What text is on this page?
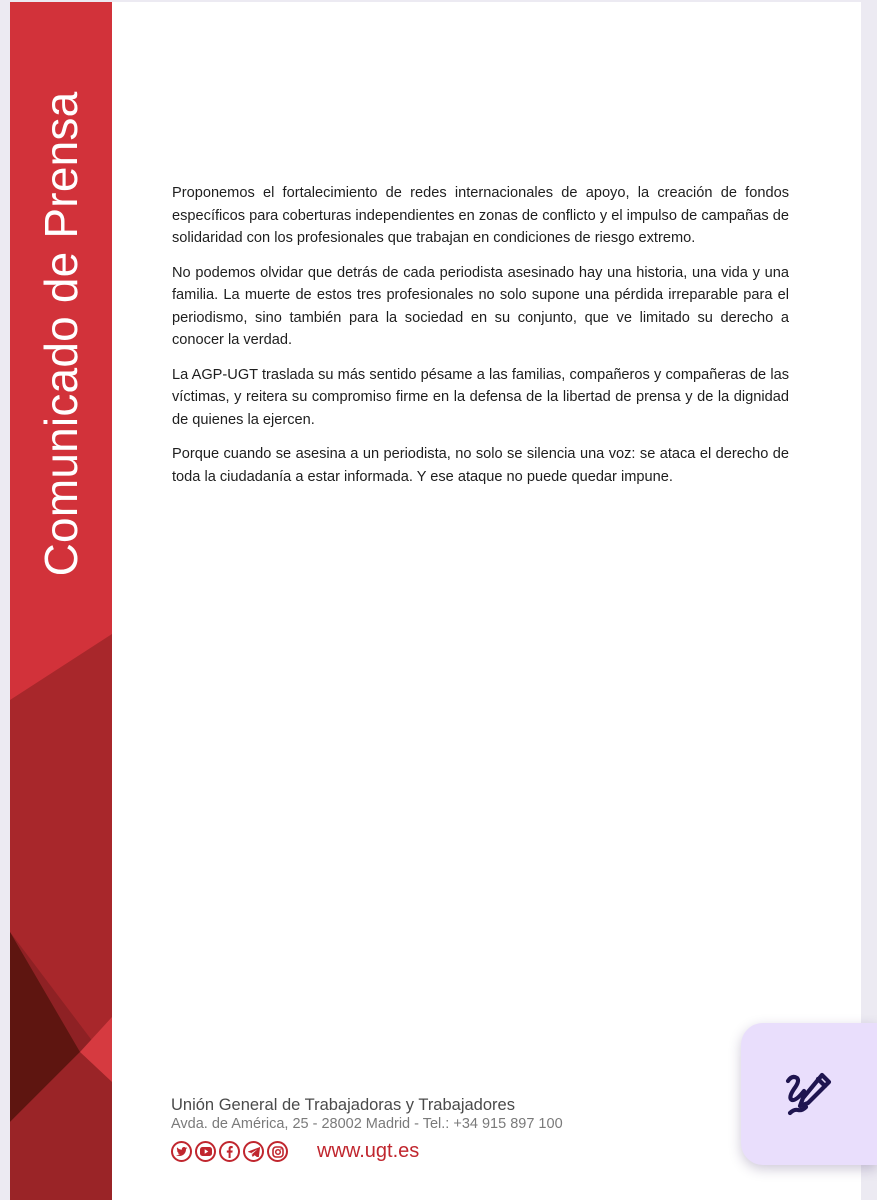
Comunicado de Prensa	Proponemos el fortalecimiento de redes internacionales de apoyo, la creación de fondos específicos para coberturas independientes en zonas de conflicto y el impulso de campañas de solidaridad con los profesionales que trabajan en condiciones de riesgo extremo.

No podemos olvidar que detrás de cada periodista asesinado hay una historia, una vida y una familia. La muerte de estos tres profesionales no solo supone una pérdida irreparable para el periodismo, sino también para la sociedad en su conjunto, que ve limitado su derecho a conocer la verdad.

La AGP-UGT traslada su más sentido pésame a las familias, compañeros y compañeras de las víctimas, y reitera su compromiso firme en la defensa de la libertad de prensa y de la dignidad de quienes la ejercen.

Porque cuando se asesina a un periodista, no solo se silencia una voz: se ataca el derecho de toda la ciudadanía a estar informada. Y ese ataque no puede quedar impune.

Unión General de Trabajadoras y Trabajadores
Avda. de América, 25 - 28002 Madrid - Tel.: +34 915 897 100
www.ugt.es
